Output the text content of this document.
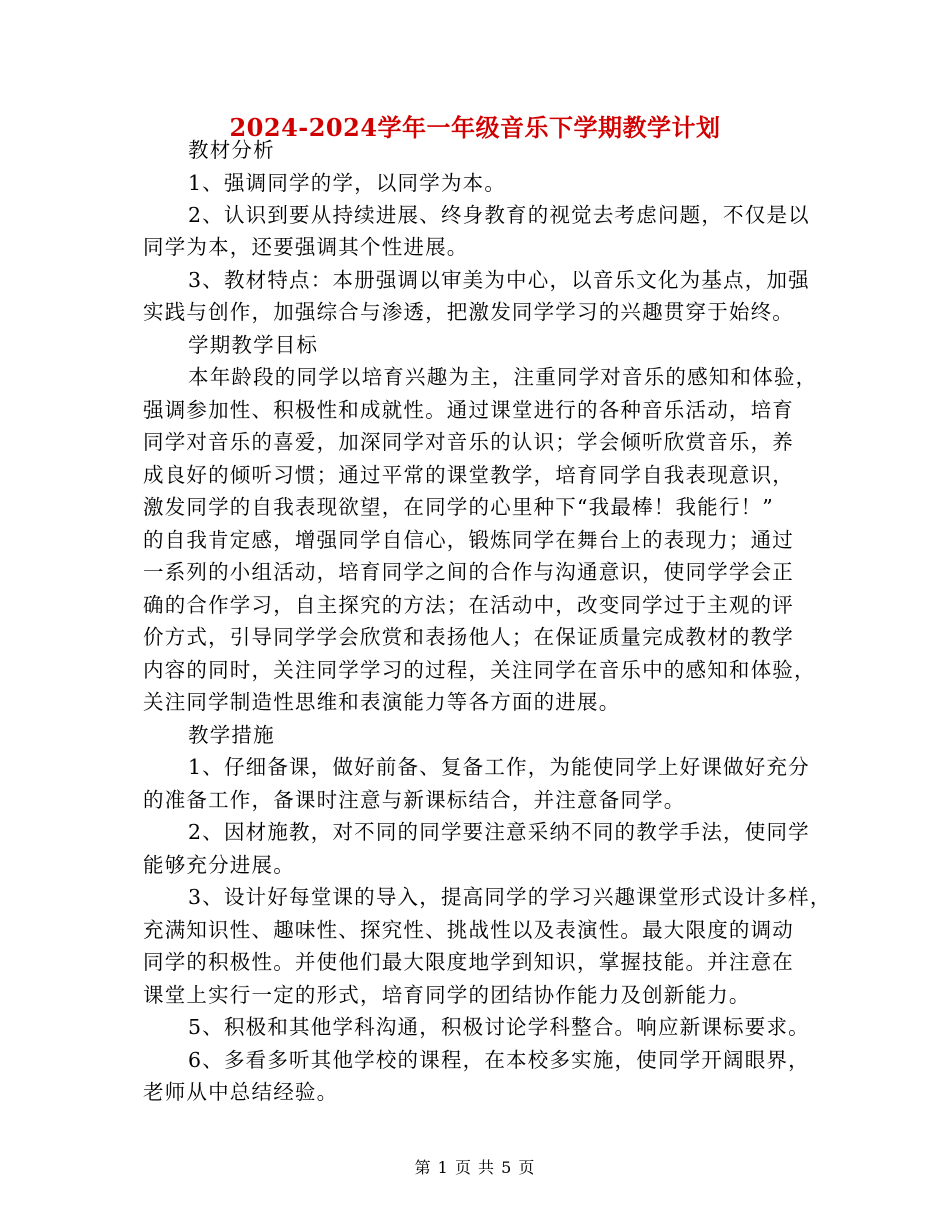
2024-2024学年一年级音乐下学期教学计划
教材分析
1、强调同学的学，以同学为本。
2、认识到要从持续进展、终身教育的视觉去考虑问题，不仅是以
同学为本，还要强调其个性进展。
3、教材特点：本册强调以审美为中心，以音乐文化为基点，加强
实践与创作，加强综合与渗透，把激发同学学习的兴趣贯穿于始终。
学期教学目标
本年龄段的同学以培育兴趣为主，注重同学对音乐的感知和体验，
强调参加性、积极性和成就性。通过课堂进行的各种音乐活动，培育
同学对音乐的喜爱，加深同学对音乐的认识；学会倾听欣赏音乐，养
成良好的倾听习惯；通过平常的课堂教学，培育同学自我表现意识，
激发同学的自我表现欲望，在同学的心里种下“我最棒！我能行！”
的自我肯定感，增强同学自信心，锻炼同学在舞台上的表现力；通过
一系列的小组活动，培育同学之间的合作与沟通意识，使同学学会正
确的合作学习，自主探究的方法；在活动中，改变同学过于主观的评
价方式，引导同学学会欣赏和表扬他人；在保证质量完成教材的教学
内容的同时，关注同学学习的过程，关注同学在音乐中的感知和体验，
关注同学制造性思维和表演能力等各方面的进展。
教学措施
1、仔细备课，做好前备、复备工作，为能使同学上好课做好充分
的准备工作，备课时注意与新课标结合，并注意备同学。
2、因材施教，对不同的同学要注意采纳不同的教学手法，使同学
能够充分进展。
3、设计好每堂课的导入，提高同学的学习兴趣课堂形式设计多样，
充满知识性、趣味性、探究性、挑战性以及表演性。最大限度的调动
同学的积极性。并使他们最大限度地学到知识，掌握技能。并注意在
课堂上实行一定的形式，培育同学的团结协作能力及创新能力。
5、积极和其他学科沟通，积极讨论学科整合。响应新课标要求。
6、多看多听其他学校的课程，在本校多实施，使同学开阔眼界，
老师从中总结经验。
第 1 页 共 5 页
